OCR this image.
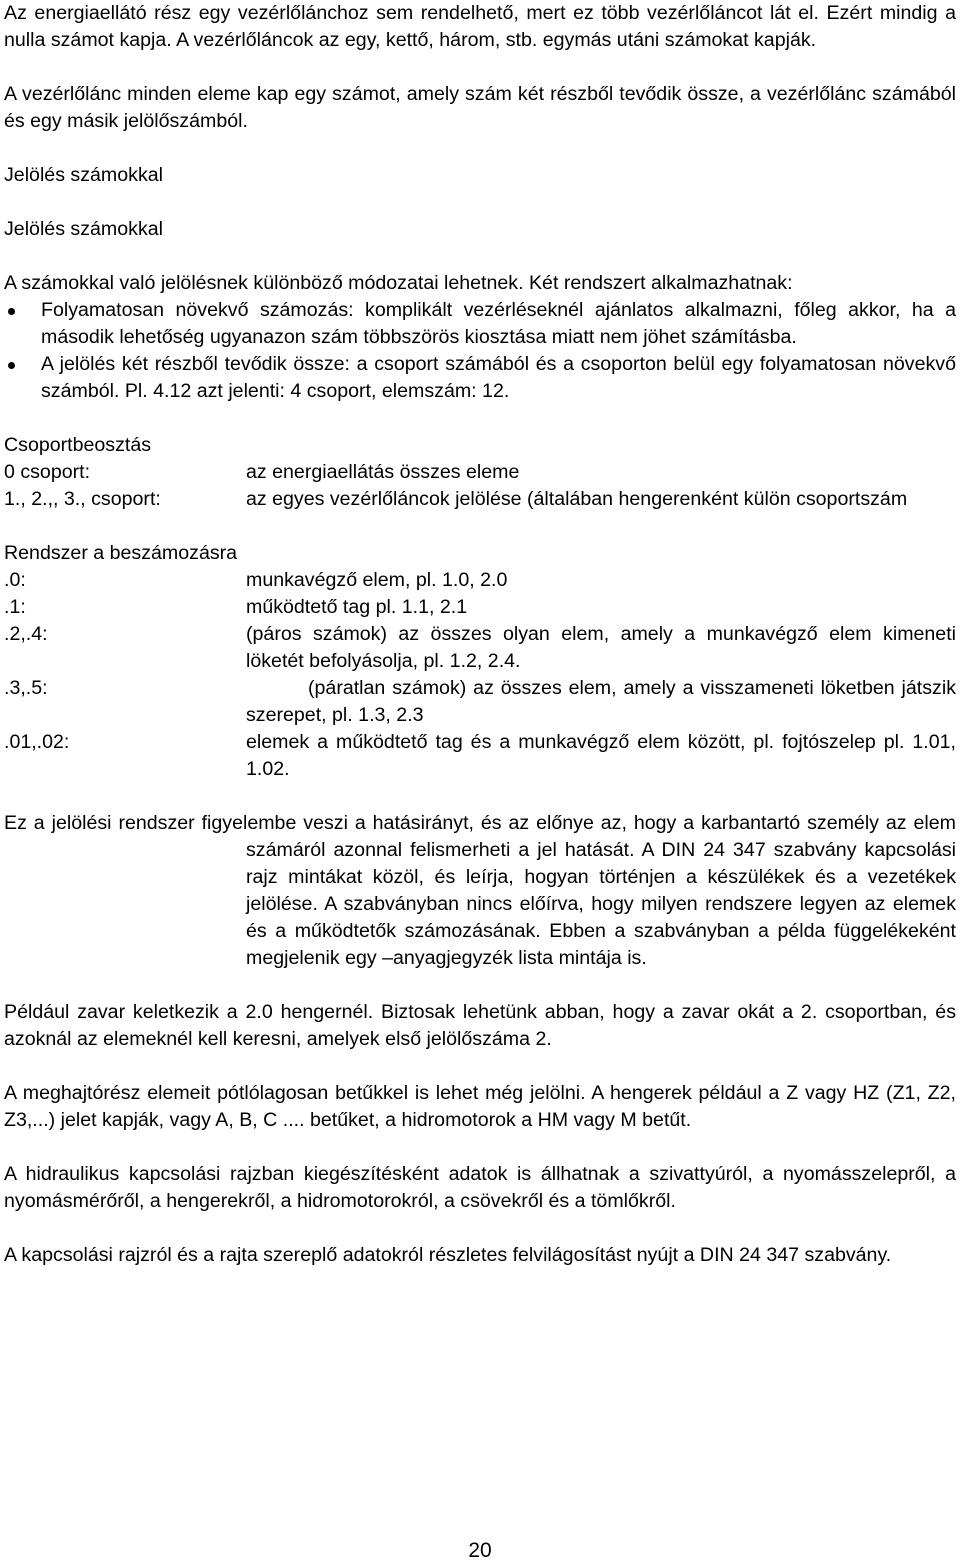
Az energiaellátó rész egy vezérlőlánchoz sem rendelhető, mert ez több vezérlőláncot lát el. Ezért mindig a nulla számot kapja. A vezérlőláncok az egy, kettő, három, stb. egymás utáni számokat kapják.

A vezérlőlánc minden eleme kap egy számot, amely szám két részből tevődik össze, a vezérlőlánc számából és egy másik jelölőszámból.

Jelölés számokkal

Jelölés számokkal

A számokkal való jelölésnek különböző módozatai lehetnek. Két rendszert alkalmazhatnak:

Folyamatosan növekvő számozás: komplikált vezérléseknél ajánlatos alkalmazni, főleg akkor, ha a második lehetőség ugyanazon szám többszörös kiosztása miatt nem jöhet számításba.
A jelölés két részből tevődik össze: a csoport számából és a csoporton belül egy folyamatosan növekvő számból. Pl. 4.12 azt jelenti: 4 csoport, elemszám: 12.

Csoportbeosztás

0 csoport:	az energiaellátás összes eleme
1., 2.,, 3., csoport:	az egyes vezérlőláncok jelölése (általában hengerenként külön csoportszám

Rendszer a beszámozásra

.0:	munkavégző elem, pl. 1.0, 2.0
.1:	működtető tag pl. 1.1, 2.1
.2,.4:	(páros számok) az összes olyan elem, amely a munkavégző elem kimeneti löketét befolyásolja, pl. 1.2, 2.4.
.3,.5:	(páratlan számok) az összes elem, amely a visszameneti löketben játszik szerepet, pl. 1.3, 2.3
.01,.02:	elemek a működtető tag és a munkavégző elem között, pl. fojtószelep pl. 1.01, 1.02.

Ez a jelölési rendszer figyelembe veszi a hatásirányt, és az előnye az, hogy a karbantartó személy az elem számáról azonnal felismerheti a jel hatását. A DIN 24 347 szabvány kapcsolási rajz mintákat közöl, és leírja, hogyan történjen a készülékek és a vezetékek jelölése. A szabványban nincs előírva, hogy milyen rendszere legyen az elemek és a működtetők számozásának. Ebben a szabványban a példa függelékeként megjelenik egy –anyagjegyzék lista mintája is.

Például zavar keletkezik a 2.0 hengernél. Biztosak lehetünk abban, hogy a zavar okát a 2. csoportban, és azoknál az elemeknél kell keresni, amelyek első jelölőszáma 2.

A meghajtórész elemeit pótlólagosan betűkkel is lehet még jelölni. A hengerek például a Z vagy HZ (Z1, Z2, Z3,...) jelet kapják, vagy A, B, C .... betűket, a hidromotorok a HM vagy M betűt.

A hidraulikus kapcsolási rajzban kiegészítésként adatok is állhatnak a szivattyúról, a nyomásszelepről, a nyomásmérőről, a hengerekről, a hidromotorokról, a csövekről és a tömlőkről.

A kapcsolási rajzról és a rajta szereplő adatokról részletes felvilágosítást nyújt a DIN 24 347 szabvány.

20
